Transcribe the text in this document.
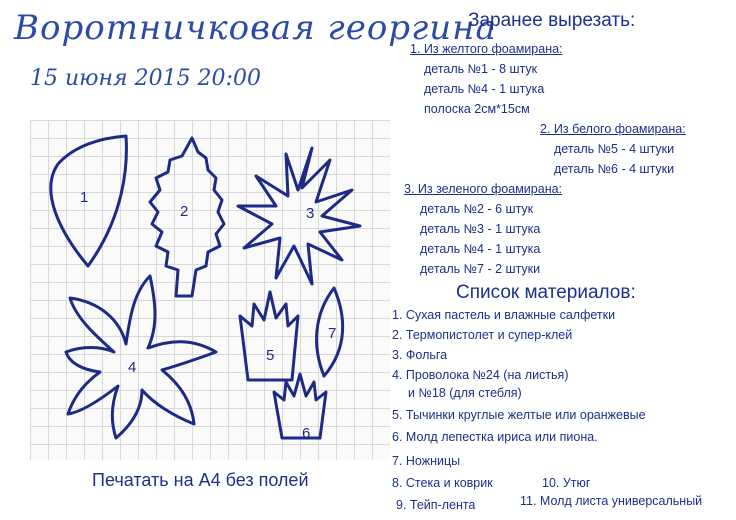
Воротничковая георгина
15 июня 2015 20:00
1
2	3
4
5
6
7
Печатать на А4 без полей
Заранее вырезать:
1. Из желтого фоамирана:
деталь №1 - 8 штук
деталь №4 - 1 штука
полоска 2см*15см
2. Из белого фоамирана:
деталь №5 - 4 штуки
деталь №6 - 4 штуки
3. Из зеленого фоамирана:
деталь №2 - 6 штук
деталь №3 - 1 штука
деталь №4 - 1 штука
деталь №7 - 2 штуки
Список материалов:
1. Сухая пастель и влажные салфетки
2. Термопистолет и супер-клей
3. Фольга
4. Проволока №24 (на листья)
и №18 (для стебля)
5. Тычинки круглые желтые или оранжевые
6. Молд лепестка ириса или пиона.
7. Ножницы
8. Стека и коврик	10. Утюг
9. Тейп-лента	11. Молд листа универсальный
